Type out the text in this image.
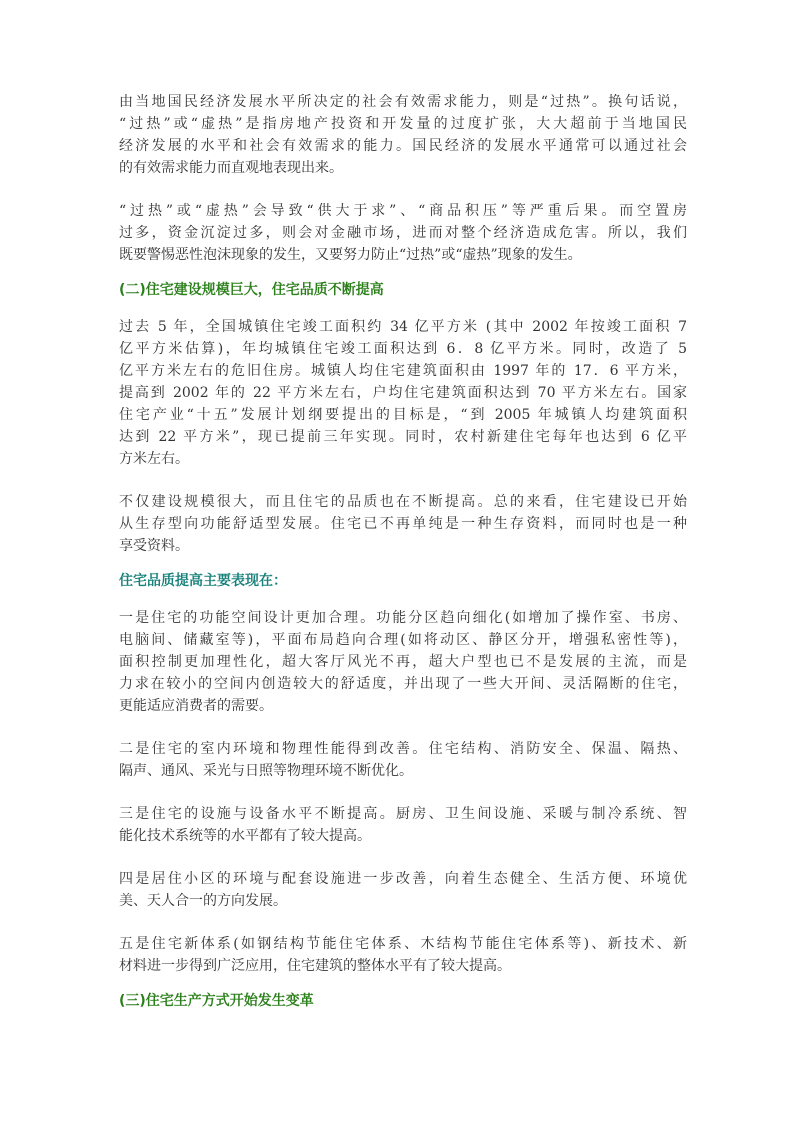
由当地国民经济发展水平所决定的社会有效需求能力，则是“过热”。换句话说，
“过热”或“虚热”是指房地产投资和开发量的过度扩张，大大超前于当地国民
经济发展的水平和社会有效需求的能力。国民经济的发展水平通常可以通过社会
的有效需求能力而直观地表现出来。
“过热”或“虚热”会导致“供大于求”、“商品积压”等严重后果。而空置房
过多，资金沉淀过多，则会对金融市场，进而对整个经济造成危害。所以，我们
既要警惕恶性泡沫现象的发生，又要努力防止“过热”或“虚热”现象的发生。
(二)住宅建设规模巨大，住宅品质不断提高
过去 5 年，全国城镇住宅竣工面积约 34 亿平方米 (其中 2002 年按竣工面积 7
亿平方米估算)，年均城镇住宅竣工面积达到 6．8 亿平方米。同时，改造了 5
亿平方米左右的危旧住房。城镇人均住宅建筑面积由 1997 年的 17．6 平方米，
提高到 2002 年的 22 平方米左右，户均住宅建筑面积达到 70 平方米左右。国家
住宅产业“十五”发展计划纲要提出的目标是，“到 2005 年城镇人均建筑面积
达到 22 平方米”，现已提前三年实现。同时，农村新建住宅每年也达到 6 亿平
方米左右。
不仅建设规模很大，而且住宅的品质也在不断提高。总的来看，住宅建设已开始
从生存型向功能舒适型发展。住宅已不再单纯是一种生存资料，而同时也是一种
享受资料。
住宅品质提高主要表现在：
一是住宅的功能空间设计更加合理。功能分区趋向细化(如增加了操作室、书房、
电脑间、储藏室等)，平面布局趋向合理(如将动区、静区分开，增强私密性等)，
面积控制更加理性化，超大客厅风光不再，超大户型也已不是发展的主流，而是
力求在较小的空间内创造较大的舒适度，并出现了一些大开间、灵活隔断的住宅，
更能适应消费者的需要。
二是住宅的室内环境和物理性能得到改善。住宅结构、消防安全、保温、隔热、
隔声、通风、采光与日照等物理环境不断优化。
三是住宅的设施与设备水平不断提高。厨房、卫生间设施、采暖与制冷系统、智
能化技术系统等的水平都有了较大提高。
四是居住小区的环境与配套设施进一步改善，向着生态健全、生活方便、环境优
美、天人合一的方向发展。
五是住宅新体系(如钢结构节能住宅体系、木结构节能住宅体系等)、新技术、新
材料进一步得到广泛应用，住宅建筑的整体水平有了较大提高。
(三)住宅生产方式开始发生变革
